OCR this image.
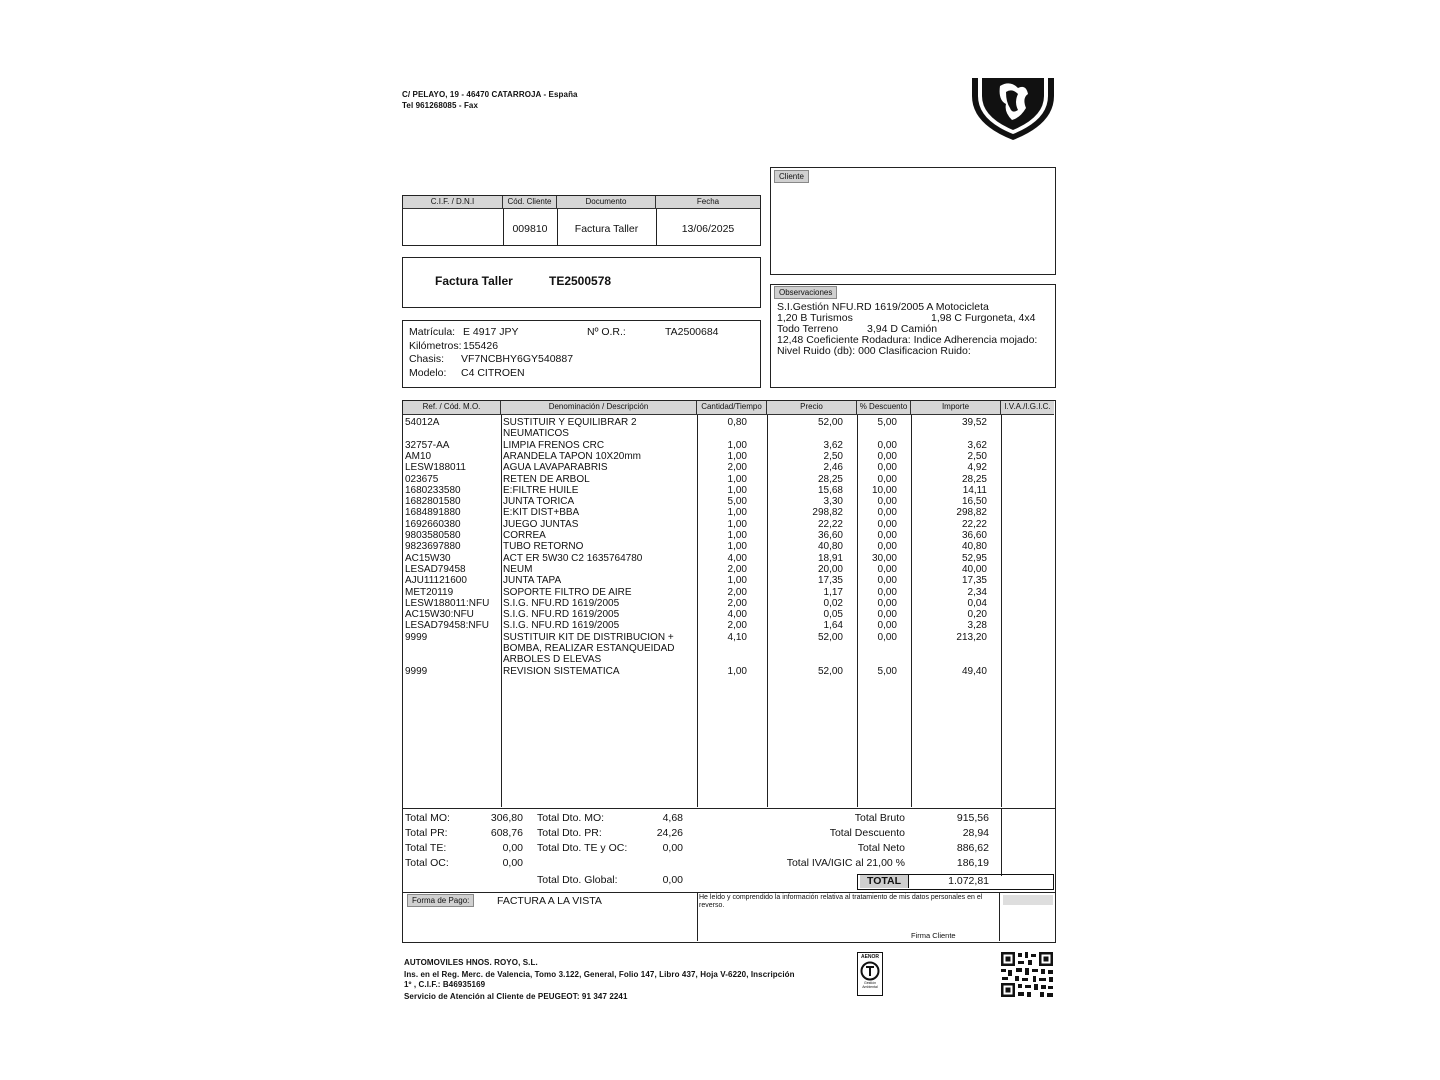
C/ PELAYO, 19 - 46470 CATARROJA - España
Tel 961268085 - Fax
Cliente
C.I.F. / D.N.I	Cód. Cliente	Documento	Fecha
009810	Factura Taller	13/06/2025
Factura Taller	TE2500578
Observaciones
S.I.Gestión NFU.RD 1619/2005 A Motocicleta
1,20 B Turismos	1,98 C Furgoneta, 4x4
Todo Terreno	3,94 D Camión
12,48 Coeficiente Rodadura: Indice Adherencia mojado:
Nivel Ruido (db): 000 Clasificacion Ruido:
Matrícula: E 4917 JPY	Nº O.R.:	TA2500684
Kilómetros: 155426
Chasis: VF7NCBHY6GY540887
Modelo: C4 CITROEN
Ref. / Cód. M.O.	Denominación / Descripción	Cantidad/Tiempo	Precio	% Descuento	Importe	I.V.A./I.G.I.C.
54012A	SUSTITUIR Y EQUILIBRAR 2	0,80	52,00	5,00	39,52
NEUMATICOS
32757-AA	LIMPIA FRENOS CRC	1,00	3,62	0,00	3,62
AM10	ARANDELA TAPON 10X20mm	1,00	2,50	0,00	2,50
LESW188011	AGUA LAVAPARABRIS	2,00	2,46	0,00	4,92
023675	RETEN DE ARBOL	1,00	28,25	0,00	28,25
1680233580	E:FILTRE HUILE	1,00	15,68	10,00	14,11
1682801580	JUNTA TORICA	5,00	3,30	0,00	16,50
1684891880	E:KIT DIST+BBA	1,00	298,82	0,00	298,82
1692660380	JUEGO JUNTAS	1,00	22,22	0,00	22,22
9803580580	CORREA	1,00	36,60	0,00	36,60
9823697880	TUBO RETORNO	1,00	40,80	0,00	40,80
AC15W30	ACT ER 5W30 C2 1635764780	4,00	18,91	30,00	52,95
LESAD79458	NEUM	2,00	20,00	0,00	40,00
AJU11121600	JUNTA TAPA	1,00	17,35	0,00	17,35
MET20119	SOPORTE FILTRO DE AIRE	2,00	1,17	0,00	2,34
LESW188011:NFU	S.I.G. NFU.RD 1619/2005	2,00	0,02	0,00	0,04
AC15W30:NFU	S.I.G. NFU.RD 1619/2005	4,00	0,05	0,00	0,20
LESAD79458:NFU	S.I.G. NFU.RD 1619/2005	2,00	1,64	0,00	3,28
9999	SUSTITUIR KIT DE DISTRIBUCION +	4,10	52,00	0,00	213,20
BOMBA, REALIZAR ESTANQUEIDAD
ARBOLES D ELEVAS
9999	REVISION SISTEMATICA	1,00	52,00	5,00	49,40
Total MO:	306,80
Total PR:	608,76
Total TE:	0,00
Total OC:	0,00
Total Dto. MO:	4,68
Total Dto. PR:	24,26
Total Dto. TE y OC:	0,00
Total Dto. Global:	0,00
Total Bruto	915,56
Total Descuento	28,94
Total Neto	886,62
Total IVA/IGIC al 21,00 %	186,19
TOTAL	1.072,81
Forma de Pago:	FACTURA A LA VISTA	He leído y comprendido la información relativa al tratamiento de mis datos personales en el reverso.
Firma Cliente
AUTOMOVILES HNOS. ROYO, S.L.
Ins. en el Reg. Merc. de Valencia, Tomo 3.122, General, Folio 147, Libro 437, Hoja V-6220, Inscripción
1º , C.I.F.: B46935169
Servicio de Atención al Cliente de PEUGEOT: 91 347 2241
AENOR
Gestión Ambiental
